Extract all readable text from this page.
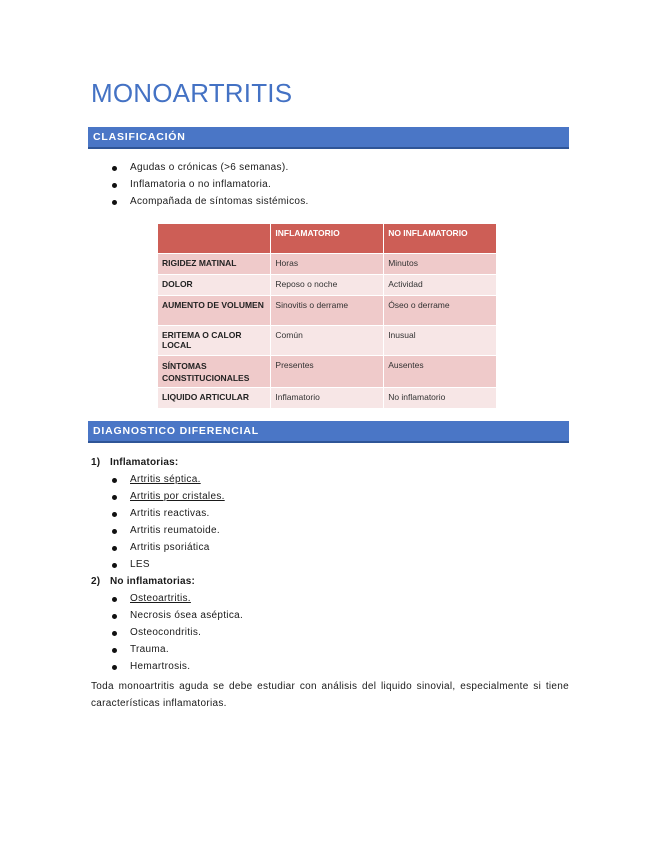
MONOARTRITIS
CLASIFICACIÓN
Agudas o crónicas (>6 semanas).
Inflamatoria o no inflamatoria.
Acompañada de síntomas sistémicos.
	INFLAMATORIO	NO INFLAMATORIO
RIGIDEZ MATINAL	Horas	Minutos
DOLOR	Reposo o noche	Actividad
AUMENTO DE VOLUMEN	Sinovitis o derrame	Óseo o derrame
ERITEMA O CALOR LOCAL	Común	Inusual
SÍNTOMAS CONSTITUCIONALES	Presentes	Ausentes
LIQUIDO ARTICULAR	Inflamatorio	No inflamatorio
DIAGNOSTICO DIFERENCIAL
1) Inflamatorias:
Artritis séptica.
Artritis por cristales.
Artritis reactivas.
Artritis reumatoide.
Artritis psoriática
LES
2) No inflamatorias:
Osteoartritis.
Necrosis ósea aséptica.
Osteocondritis.
Trauma.
Hemartrosis.
Toda monoartritis aguda se debe estudiar con análisis del liquido sinovial, especialmente si tiene características inflamatorias.
